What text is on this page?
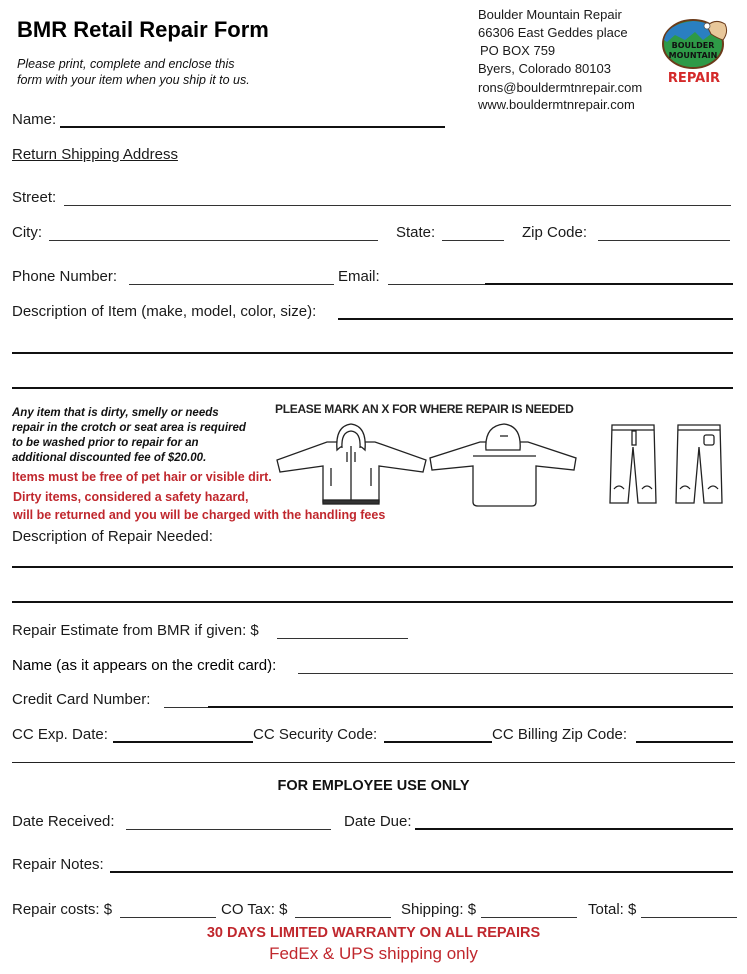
BMR Retail Repair Form
Please print, complete and enclose this
form with your item when you ship it to us.
Boulder Mountain Repair
66306 East Geddes place
PO BOX 759
Byers, Colorado 80103
rons@bouldermtnrepair.com
www.bouldermtnrepair.com
BOULDER
MOUNTAIN
REPAIR
Name:
Return Shipping Address
Street:
City:	State:	Zip Code:
Phone Number:	Email:
Description of Item (make, model, color, size):
Any item that is dirty, smelly or needs
repair in the crotch or seat area is required
to be washed prior to repair for an
additional discounted fee of $20.00.
Items must be free of pet hair or visible dirt.
Dirty items, considered a safety hazard,
will be returned and you will be charged with the handling fees
PLEASE MARK AN X FOR WHERE REPAIR IS NEEDED
Description of Repair Needed:
Repair Estimate from BMR if given: $
Name (as it appears on the credit card):
Credit Card Number:
CC Exp. Date:	CC Security Code:	CC Billing Zip Code:
FOR EMPLOYEE USE ONLY
Date Received:	Date Due:
Repair Notes:
Repair costs: $	CO Tax: $	Shipping: $	Total: $
30 DAYS LIMITED WARRANTY ON ALL REPAIRS
FedEx & UPS shipping only
